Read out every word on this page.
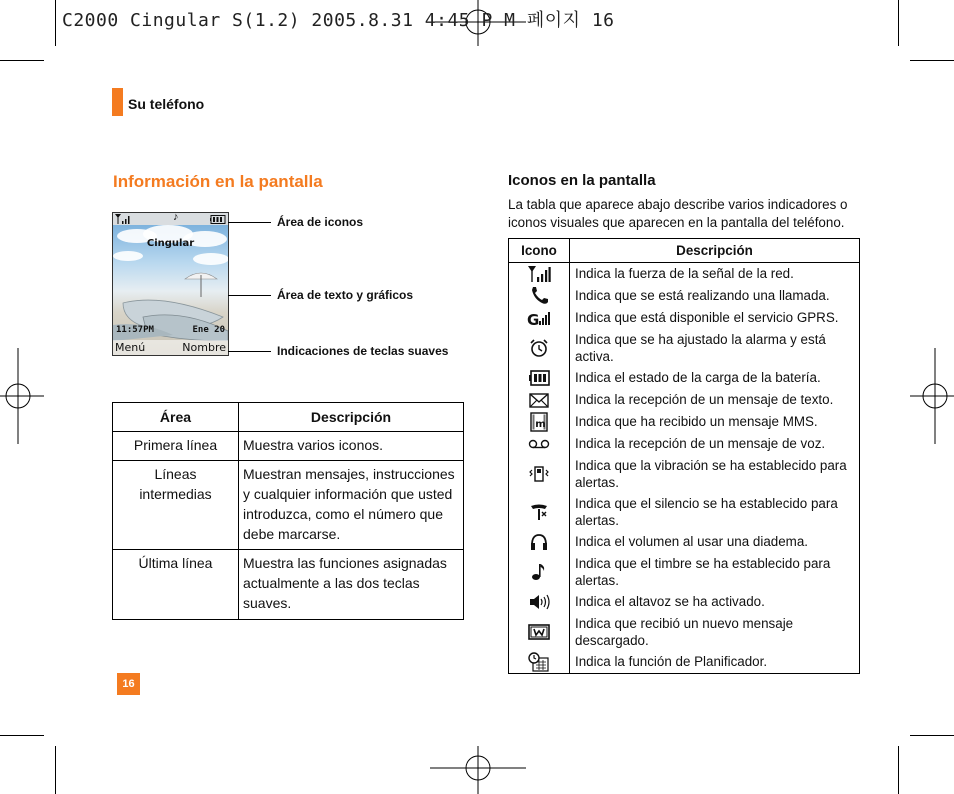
C2000 Cingular S(1.2) 2005.8.31 4:45 P M 페이지 16
Su teléfono
Información en la pantalla
♪
Cingular
11:57PM	Ene 20
Menú	Nombre
Área de iconos
Área de texto y gráficos
Indicaciones de teclas suaves
Área	Descripción
Primera línea	Muestra varios iconos.
Líneas intermedias	Muestran mensajes, instrucciones y cualquier información que usted introduzca, como el número que debe marcarse.
Última línea	Muestra las funciones asignadas actualmente a las dos teclas suaves.
Iconos en la pantalla
La tabla que aparece abajo describe varios indicadores o iconos visuales que aparecen en la pantalla del teléfono.
Icono	Descripción
	Indica la fuerza de la señal de la red.
	Indica que se está realizando una llamada.

G	Indica que está disponible el servicio GPRS.
	Indica que se ha ajustado la alarma y está activa.
	Indica el estado de la carga de la batería.
	Indica la recepción de un mensaje de texto.

m	Indica que ha recibido un mensaje MMS.
	Indica la recepción de un mensaje de voz.
	Indica que la vibración se ha establecido para alertas.
	Indica que el silencio se ha establecido para alertas.
	Indica el volumen al usar una diadema.
	Indica que el timbre se ha establecido para alertas.
	Indica el altavoz se ha activado.
	Indica que recibió un nuevo mensaje descargado.
	Indica la función de Planificador.
16
